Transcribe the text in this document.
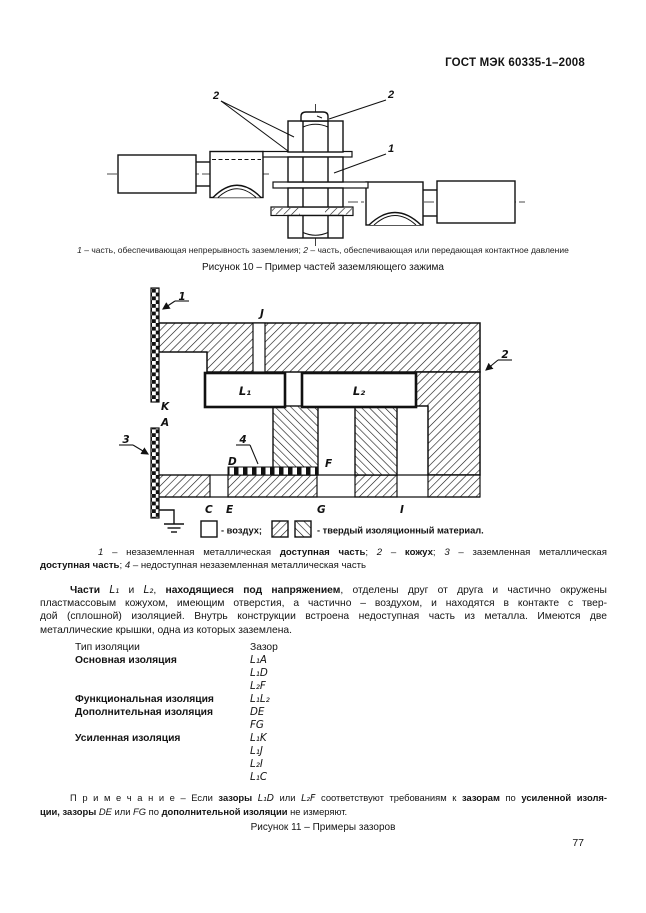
ГОСТ МЭК 60335-1–2008
2	2
1
1 – часть, обеспечивающая непрерывность заземления; 2 – часть, обеспечивающая или передающая контактное давление
Рисунок 10 – Пример частей заземляющего зажима
1
2
3	4
K
A
C E	G	I
F
D
J
L₁	L₂
- воздух;	- твердый изоляционный материал.
1 – незаземленная металлическая доступная часть; 2 – кожух; 3 – заземленная металлическая
доступная часть; 4 – недоступная незаземленная металлическая часть
Части L₁ и L₂, находящиеся под напряжением, отделены друг от друга и частично окружены
пластмассовым кожухом, имеющим отверстия, а частично – воздухом, и находятся в контакте с твер-
дой (сплошной) изоляцией. Внутрь конструкции встроена недоступная часть из металла. Имеются две
металлические крышки, одна из которых заземлена.
Тип изоляции	Зазор
Основная изоляция	L₁A
L₁D
L₂F
Функциональная изоляция	L₁L₂
Дополнительная изоляция	DE
FG
Усиленная изоляция	L₁K
L₁J
L₂I
L₁C
П р и м е ч а н и е – Если зазоры L₁D или L₂F соответствуют требованиям к зазорам по усиленной изоля-
ции, зазоры DE или FG по дополнительной изоляции не измеряют.
Рисунок 11 – Примеры зазоров
77
